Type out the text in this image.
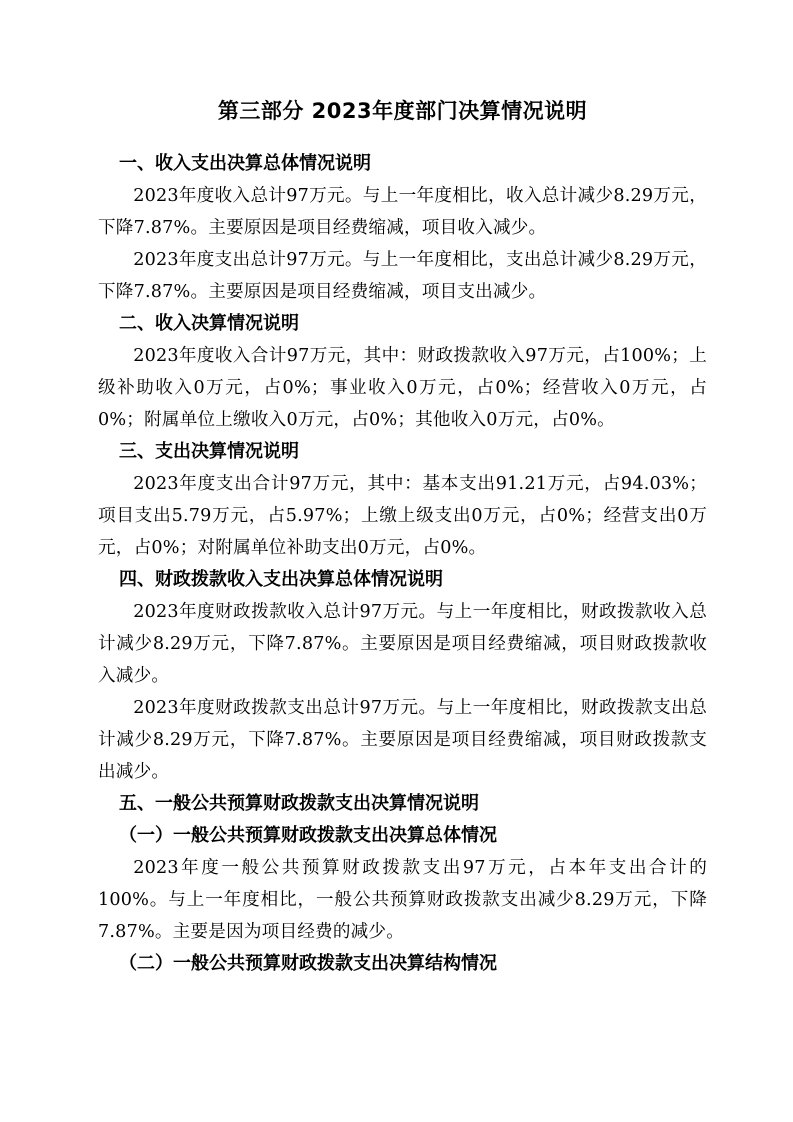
第三部分 2023年度部门决算情况说明
一、收入支出决算总体情况说明

2023年度收入总计97万元。与上一年度相比，收入总计减少8.29万元，下降7.87%。主要原因是项目经费缩减，项目收入减少。

2023年度支出总计97万元。与上一年度相比，支出总计减少8.29万元，下降7.87%。主要原因是项目经费缩减，项目支出减少。

二、收入决算情况说明

2023年度收入合计97万元，其中：财政拨款收入97万元，占100%；上级补助收入0万元，占0%；事业收入0万元，占0%；经营收入0万元，占0%；附属单位上缴收入0万元，占0%；其他收入0万元，占0%。

三、支出决算情况说明

2023年度支出合计97万元，其中：基本支出91.21万元，占94.03%；项目支出5.79万元，占5.97%；上缴上级支出0万元，占0%；经营支出0万元，占0%；对附属单位补助支出0万元，占0%。

四、财政拨款收入支出决算总体情况说明

2023年度财政拨款收入总计97万元。与上一年度相比，财政拨款收入总计减少8.29万元，下降7.87%。主要原因是项目经费缩减，项目财政拨款收入减少。

2023年度财政拨款支出总计97万元。与上一年度相比，财政拨款支出总计减少8.29万元，下降7.87%。主要原因是项目经费缩减，项目财政拨款支出减少。

五、一般公共预算财政拨款支出决算情况说明
（一）一般公共预算财政拨款支出决算总体情况

2023年度一般公共预算财政拨款支出97万元，占本年支出合计的100%。与上一年度相比，一般公共预算财政拨款支出减少8.29万元，下降7.87%。主要是因为项目经费的减少。

（二）一般公共预算财政拨款支出决算结构情况
